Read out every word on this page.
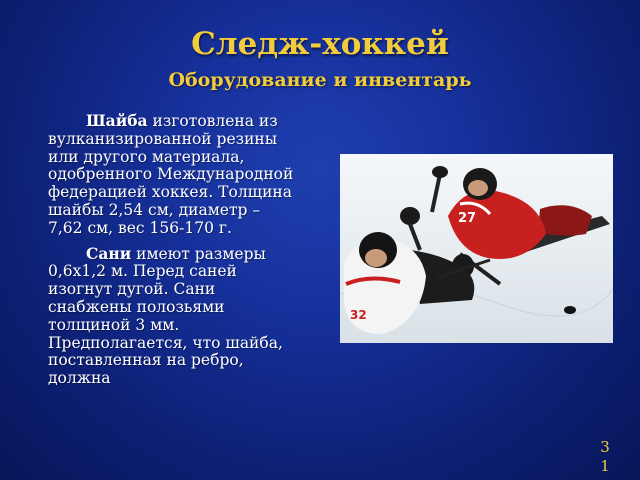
Следж-хоккей
Оборудование и инвентарь

Шайба изготовлена из вулканизированной резины или другого материала, одобренного Международной федерацией хоккея. Толщина шайбы 2,54 см, диаметр – 7,62 см, вес 156-170 г.

Сани имеют размеры 0,6x1,2 м. Перед саней изогнут дугой. Сани снабжены полозьями толщиной 3 мм. Предполагается, что шайба, поставленная на ребро, должна

27
32
31
